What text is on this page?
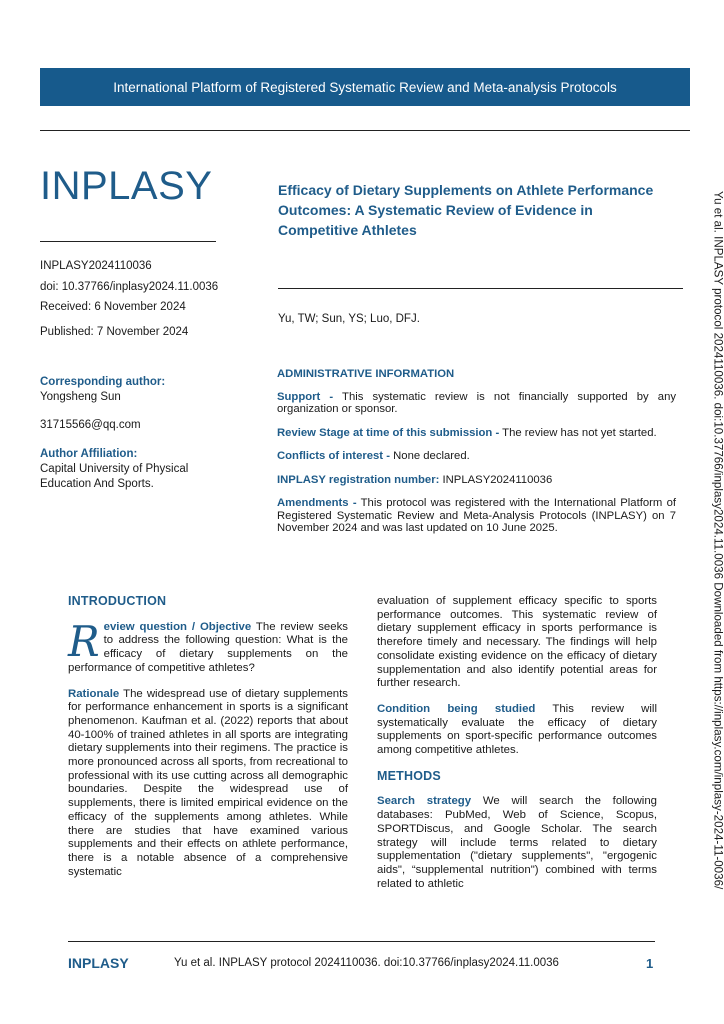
International Platform of Registered Systematic Review and Meta-analysis Protocols
INPLASY
INPLASY2024110036
doi: 10.37766/inplasy2024.11.0036
Received: 6 November 2024
Published: 7 November 2024
Efficacy of Dietary Supplements on Athlete Performance Outcomes: A Systematic Review of Evidence in Competitive Athletes
Yu, TW; Sun, YS; Luo, DFJ.
Corresponding author:
Yongsheng Sun
31715566@qq.com
Author Affiliation:
Capital University of Physical
Education And Sports.
ADMINISTRATIVE INFORMATION

Support - This systematic review is not financially supported by any organization or sponsor.

Review Stage at time of this submission - The review has not yet started.

Conflicts of interest - None declared.

INPLASY registration number: INPLASY2024110036

Amendments - This protocol was registered with the International Platform of Registered Systematic Review and Meta-Analysis Protocols (INPLASY) on 7 November 2024 and was last updated on 10 June 2025.

INTRODUCTION

Review question / Objective The review seeks to address the following question: What is the efficacy of dietary supplements on the performance of competitive athletes?

Rationale The widespread use of dietary supplements for performance enhancement in sports is a significant phenomenon. Kaufman et al. (2022) reports that about 40-100% of trained athletes in all sports are integrating dietary supplements into their regimens. The practice is more pronounced across all sports, from recreational to professional with its use cutting across all demographic boundaries. Despite the widespread use of supplements, there is limited empirical evidence on the efficacy of the supplements among athletes. While there are studies that have examined various supplements and their effects on athlete performance, there is a notable absence of a comprehensive systematic

evaluation of supplement efficacy specific to sports performance outcomes. This systematic review of dietary supplement efficacy in sports performance is therefore timely and necessary. The findings will help consolidate existing evidence on the efficacy of dietary supplementation and also identify potential areas for further research.

Condition being studied This review will systematically evaluate the efficacy of dietary supplements on sport-specific performance outcomes among competitive athletes.

METHODS

Search strategy We will search the following databases: PubMed, Web of Science, Scopus, SPORTDiscus, and Google Scholar. The search strategy will include terms related to dietary supplementation ("dietary supplements", "ergogenic aids", “supplemental nutrition") combined with terms related to athletic	Yu et al. INPLASY protocol 2024110036. doi:10.37766/inplasy2024.11.0036 Downloaded from https://inplasy.com/inplasy-2024-11-0036/
INPLASY	Yu et al. INPLASY protocol 2024110036. doi:10.37766/inplasy2024.11.0036	1
